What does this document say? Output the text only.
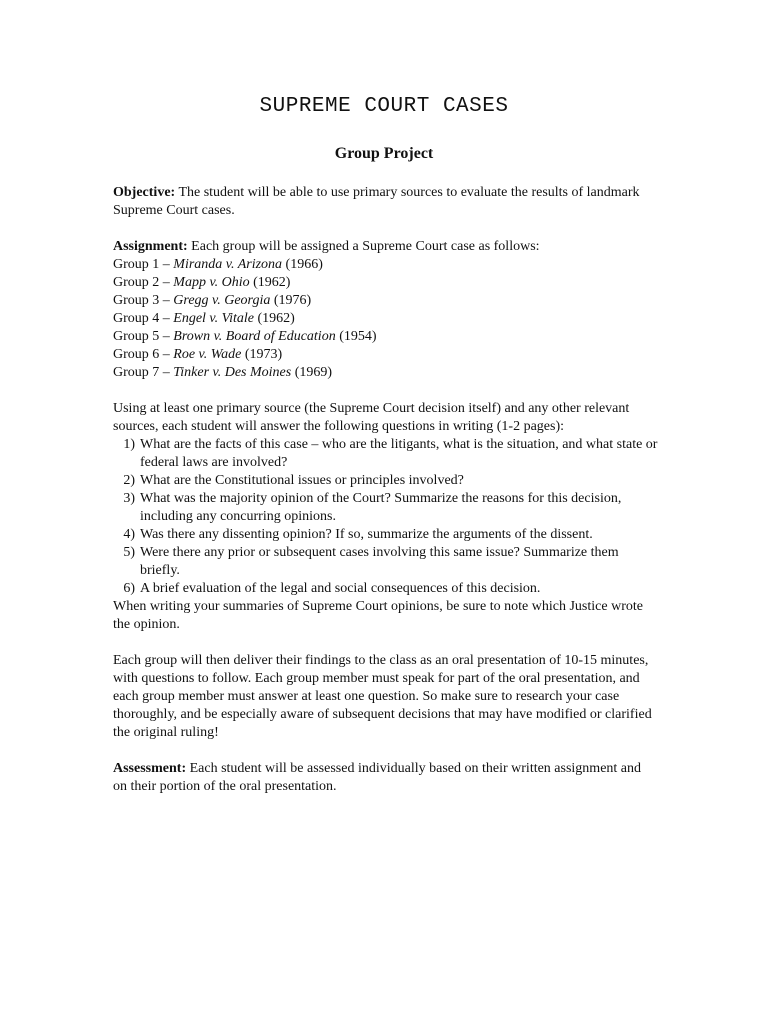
SUPREME COURT CASES
Group Project

Objective: The student will be able to use primary sources to evaluate the results of landmark Supreme Court cases.

Assignment: Each group will be assigned a Supreme Court case as follows:

Group 1 – Miranda v. Arizona (1966)
Group 2 – Mapp v. Ohio (1962)
Group 3 – Gregg v. Georgia (1976)
Group 4 – Engel v. Vitale (1962)
Group 5 – Brown v. Board of Education (1954)
Group 6 – Roe v. Wade (1973)
Group 7 – Tinker v. Des Moines (1969)

Using at least one primary source (the Supreme Court decision itself) and any other relevant sources, each student will answer the following questions in writing (1-2 pages):

1) What are the facts of this case – who are the litigants, what is the situation, and what state or federal laws are involved?
2) What are the Constitutional issues or principles involved?
3) What was the majority opinion of the Court? Summarize the reasons for this decision, including any concurring opinions.
4) Was there any dissenting opinion? If so, summarize the arguments of the dissent.
5) Were there any prior or subsequent cases involving this same issue? Summarize them briefly.
6) A brief evaluation of the legal and social consequences of this decision.

When writing your summaries of Supreme Court opinions, be sure to note which Justice wrote the opinion.

Each group will then deliver their findings to the class as an oral presentation of 10-15 minutes, with questions to follow. Each group member must speak for part of the oral presentation, and each group member must answer at least one question. So make sure to research your case thoroughly, and be especially aware of subsequent decisions that may have modified or clarified the original ruling!

Assessment: Each student will be assessed individually based on their written assignment and on their portion of the oral presentation.
